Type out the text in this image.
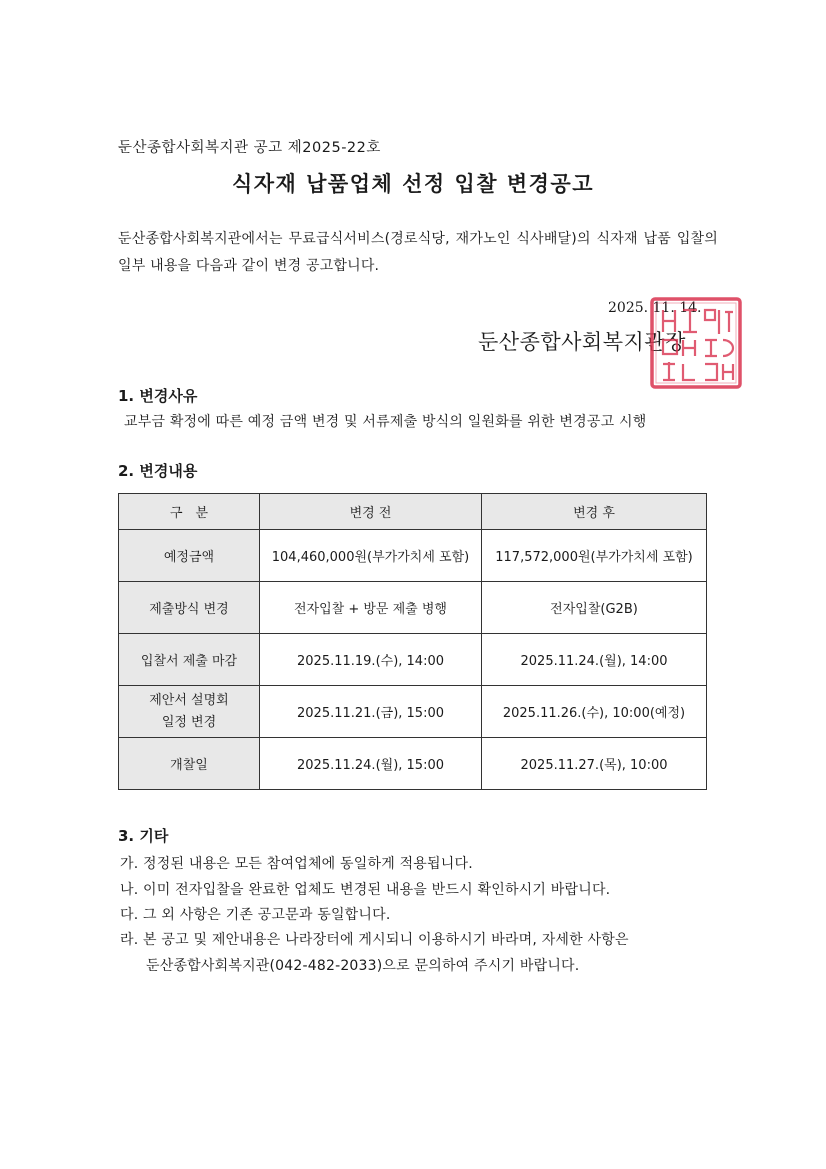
둔산종합사회복지관 공고 제2025-22호
식자재 납품업체 선정 입찰 변경공고
둔산종합사회복지관에서는 무료급식서비스(경로식당, 재가노인 식사배달)의 식자재 납품 입찰의 일부 내용을 다음과 같이 변경 공고합니다.
2025. 11. 14.
둔산종합사회복지관장
1. 변경사유
교부금 확정에 따른 예정 금액 변경 및 서류제출 방식의 일원화를 위한 변경공고 시행
2. 변경내용
구　분	변경 전	변경 후
예정금액	104,460,000원(부가가치세 포함)	117,572,000원(부가가치세 포함)
제출방식 변경	전자입찰 + 방문 제출 병행	전자입찰(G2B)
입찰서 제출 마감	2025.11.19.(수), 14:00	2025.11.24.(월), 14:00

제안서 설명회
일정 변경	2025.11.21.(금), 15:00	2025.11.26.(수), 10:00(예정)
개찰일	2025.11.24.(월), 15:00	2025.11.27.(목), 10:00
3. 기타
가. 정정된 내용은 모든 참여업체에 동일하게 적용됩니다.
나. 이미 전자입찰을 완료한 업체도 변경된 내용을 반드시 확인하시기 바랍니다.
다. 그 외 사항은 기존 공고문과 동일합니다.
라. 본 공고 및 제안내용은 나라장터에 게시되니 이용하시기 바라며, 자세한 사항은
둔산종합사회복지관(042-482-2033)으로 문의하여 주시기 바랍니다.
